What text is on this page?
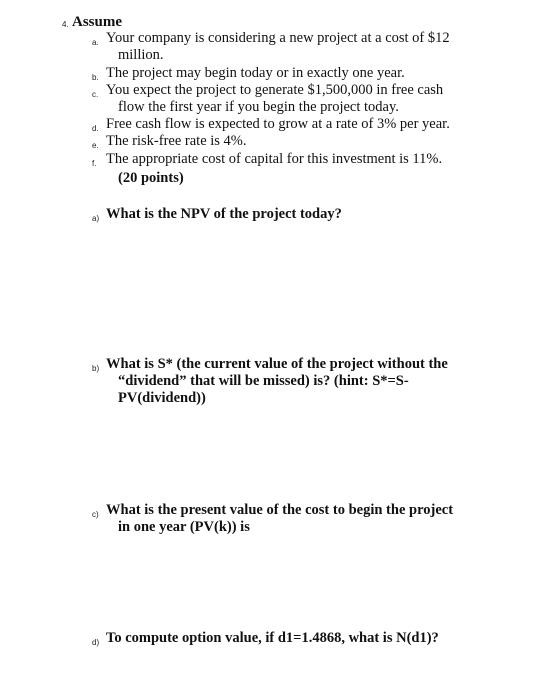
4. Assume
a. Your company is considering a new project at a cost of $12
million.
b. The project may begin today or in exactly one year.
c. You expect the project to generate $1,500,000 in free cash
flow the first year if you begin the project today.
d. Free cash flow is expected to grow at a rate of 3% per year.
e. The risk-free rate is 4%.
f. The appropriate cost of capital for this investment is 11%.
(20 points)
a) What is the NPV of the project today?
b) What is S* (the current value of the project without the
“dividend” that will be missed) is? (hint: S*=S-
PV(dividend))
c) What is the present value of the cost to begin the project
in one year (PV(k)) is
d) To compute option value, if d1=1.4868, what is N(d1)?
